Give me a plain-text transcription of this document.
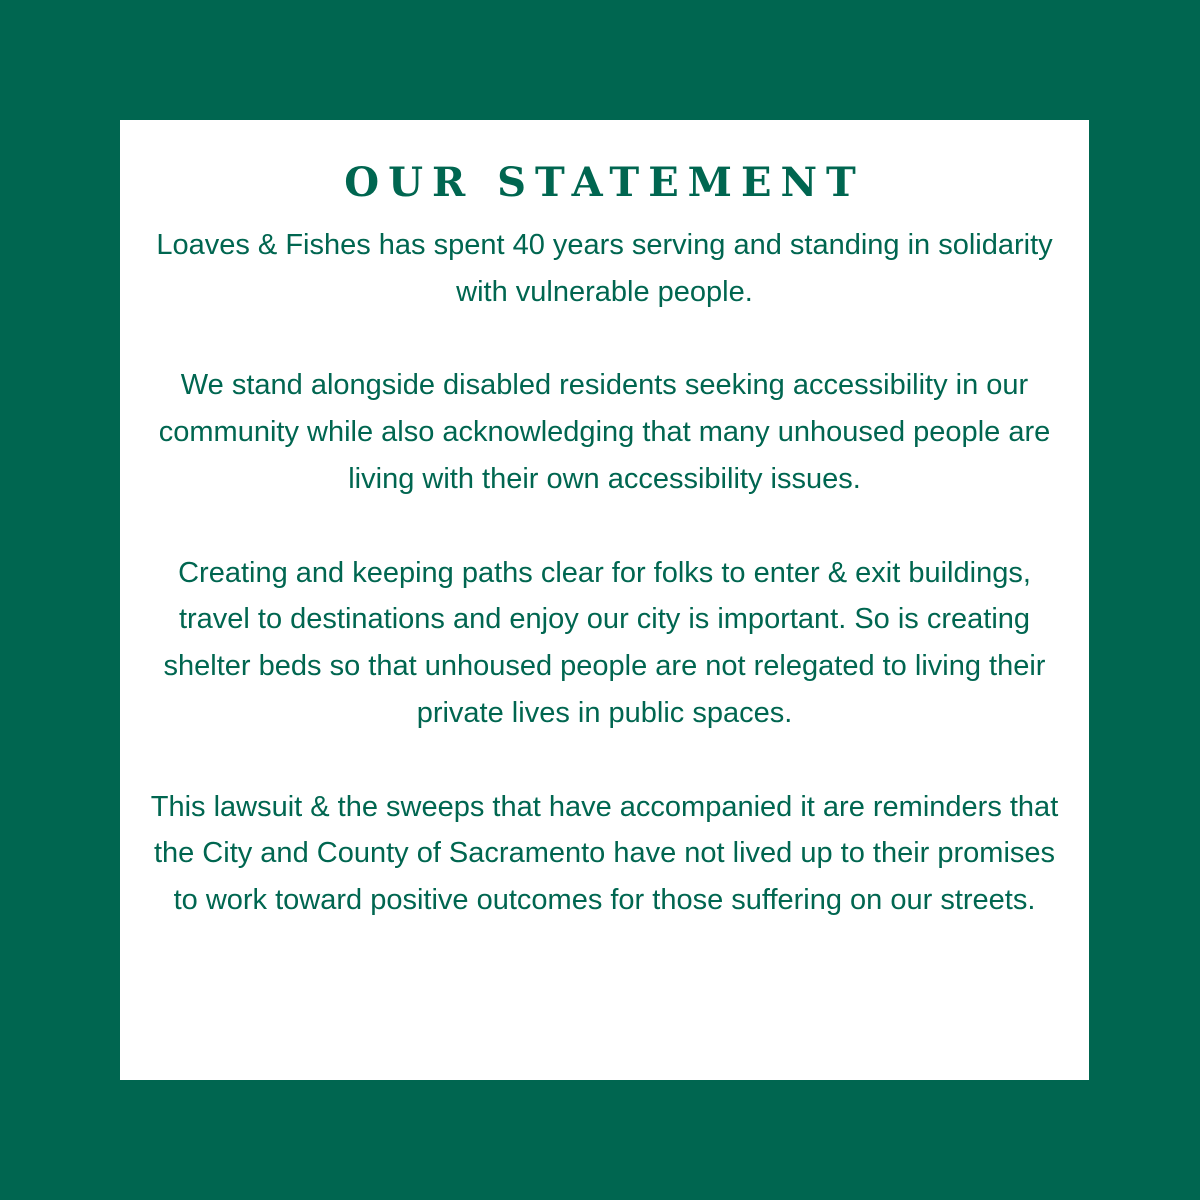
OUR STATEMENT

Loaves & Fishes has spent 40 years serving and standing in solidarity with vulnerable people.

We stand alongside disabled residents seeking accessibility in our community while also acknowledging that many unhoused people are living with their own accessibility issues.

Creating and keeping paths clear for folks to enter & exit buildings, travel to destinations and enjoy our city is important. So is creating shelter beds so that unhoused people are not relegated to living their private lives in public spaces.

This lawsuit & the sweeps that have accompanied it are reminders that the City and County of Sacramento have not lived up to their promises to work toward positive outcomes for those suffering on our streets.
